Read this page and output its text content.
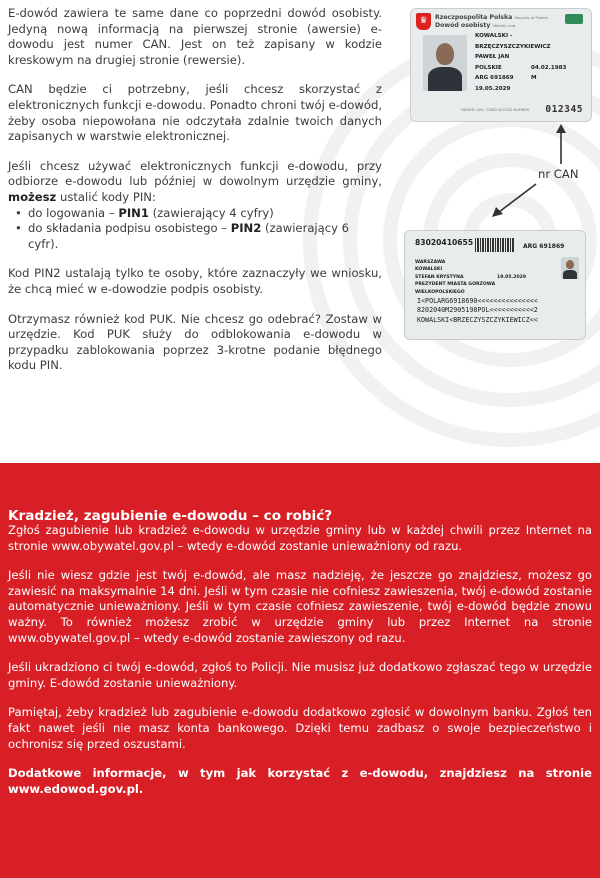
E-dowód zawiera te same dane co poprzedni dowód osobisty. Jedyną nową informacją na pierwszej stronie (awersie) e-dowodu jest numer CAN. Jest on też zapisany w kodzie kreskowym na drugiej stronie (rewersie).

CAN będzie ci potrzebny, jeśli chcesz skorzystać z elektronicznych funkcji e-dowodu. Ponadto chroni twój e-dowód, żeby osoba niepowołana nie odczytała zdalnie twoich danych zapisanych w warstwie elektronicznej.

Jeśli chcesz używać elektronicznych funkcji e-dowodu, przy odbiorze e-dowodu lub później w dowolnym urzędzie gminy, możesz ustalić kody PIN:

• do logowania – PIN1 (zawierający 4 cyfry)
• do składania podpisu osobistego – PIN2 (zawierający 6 cyfr).

Kod PIN2 ustalają tylko te osoby, które zaznaczyły we wniosku, że chcą mieć w e-dowodzie podpis osobisty.

Otrzymasz również kod PUK. Nie chcesz go odebrać? Zostaw w urzędzie. Kod PUK służy do odblokowania e-dowodu w przypadku zablokowania poprzez 3-krotne podanie błędnego kodu PIN.

♛	Rzeczpospolita Polska Republic of Poland
Dowód osobisty Identity card
KOWALSKI - BRZĘCZYSZCZYKIEWICZ
PAWEŁ JAN
POLSKIE	04.02.1983
ARG 691869	M
19.05.2029
NUMER CAN / CARD ACCESS NUMBER 012345
nr CAN
83020410655	ARG 691869
WARSZAWA
KOWALSKI
STEFAN KRYSTYNA	19.05.2029
PREZYDENT MIASTA GORZOWA WIELKOPOLSKIEGO
I<POLARG6918690<<<<<<<<<<<<<<<
8202040M2905198POL<<<<<<<<<<<2
KOWALSKI<BRZECZYSZCZYKIEWICZ<<
Kradzież, zagubienie e-dowodu – co robić?

Zgłoś zagubienie lub kradzież e-dowodu w urzędzie gminy lub w każdej chwili przez Internet na stronie www.obywatel.gov.pl – wtedy e-dowód zostanie unieważniony od razu.

Jeśli nie wiesz gdzie jest twój e-dowód, ale masz nadzieję, że jeszcze go znajdziesz, możesz go zawiesić na maksymalnie 14 dni. Jeśli w tym czasie nie cofniesz zawieszenia, twój e-dowód zostanie automatycznie unieważniony. Jeśli w tym czasie cofniesz zawieszenie, twój e-dowód będzie znowu ważny. To również możesz zrobić w urzędzie gminy lub przez Internet na stronie www.obywatel.gov.pl – wtedy e-dowód zostanie zawieszony od razu.

Jeśli ukradziono ci twój e-dowód, zgłoś to Policji. Nie musisz już dodatkowo zgłaszać tego w urzędzie gminy. E-dowód zostanie unieważniony.

Pamiętaj, żeby kradzież lub zagubienie e-dowodu dodatkowo zgłosić w dowolnym banku. Zgłoś ten fakt nawet jeśli nie masz konta bankowego. Dzięki temu zadbasz o swoje bezpieczeństwo i ochronisz się przed oszustami.

Dodatkowe informacje, w tym jak korzystać z e-dowodu, znajdziesz na stronie www.edowod.gov.pl.
